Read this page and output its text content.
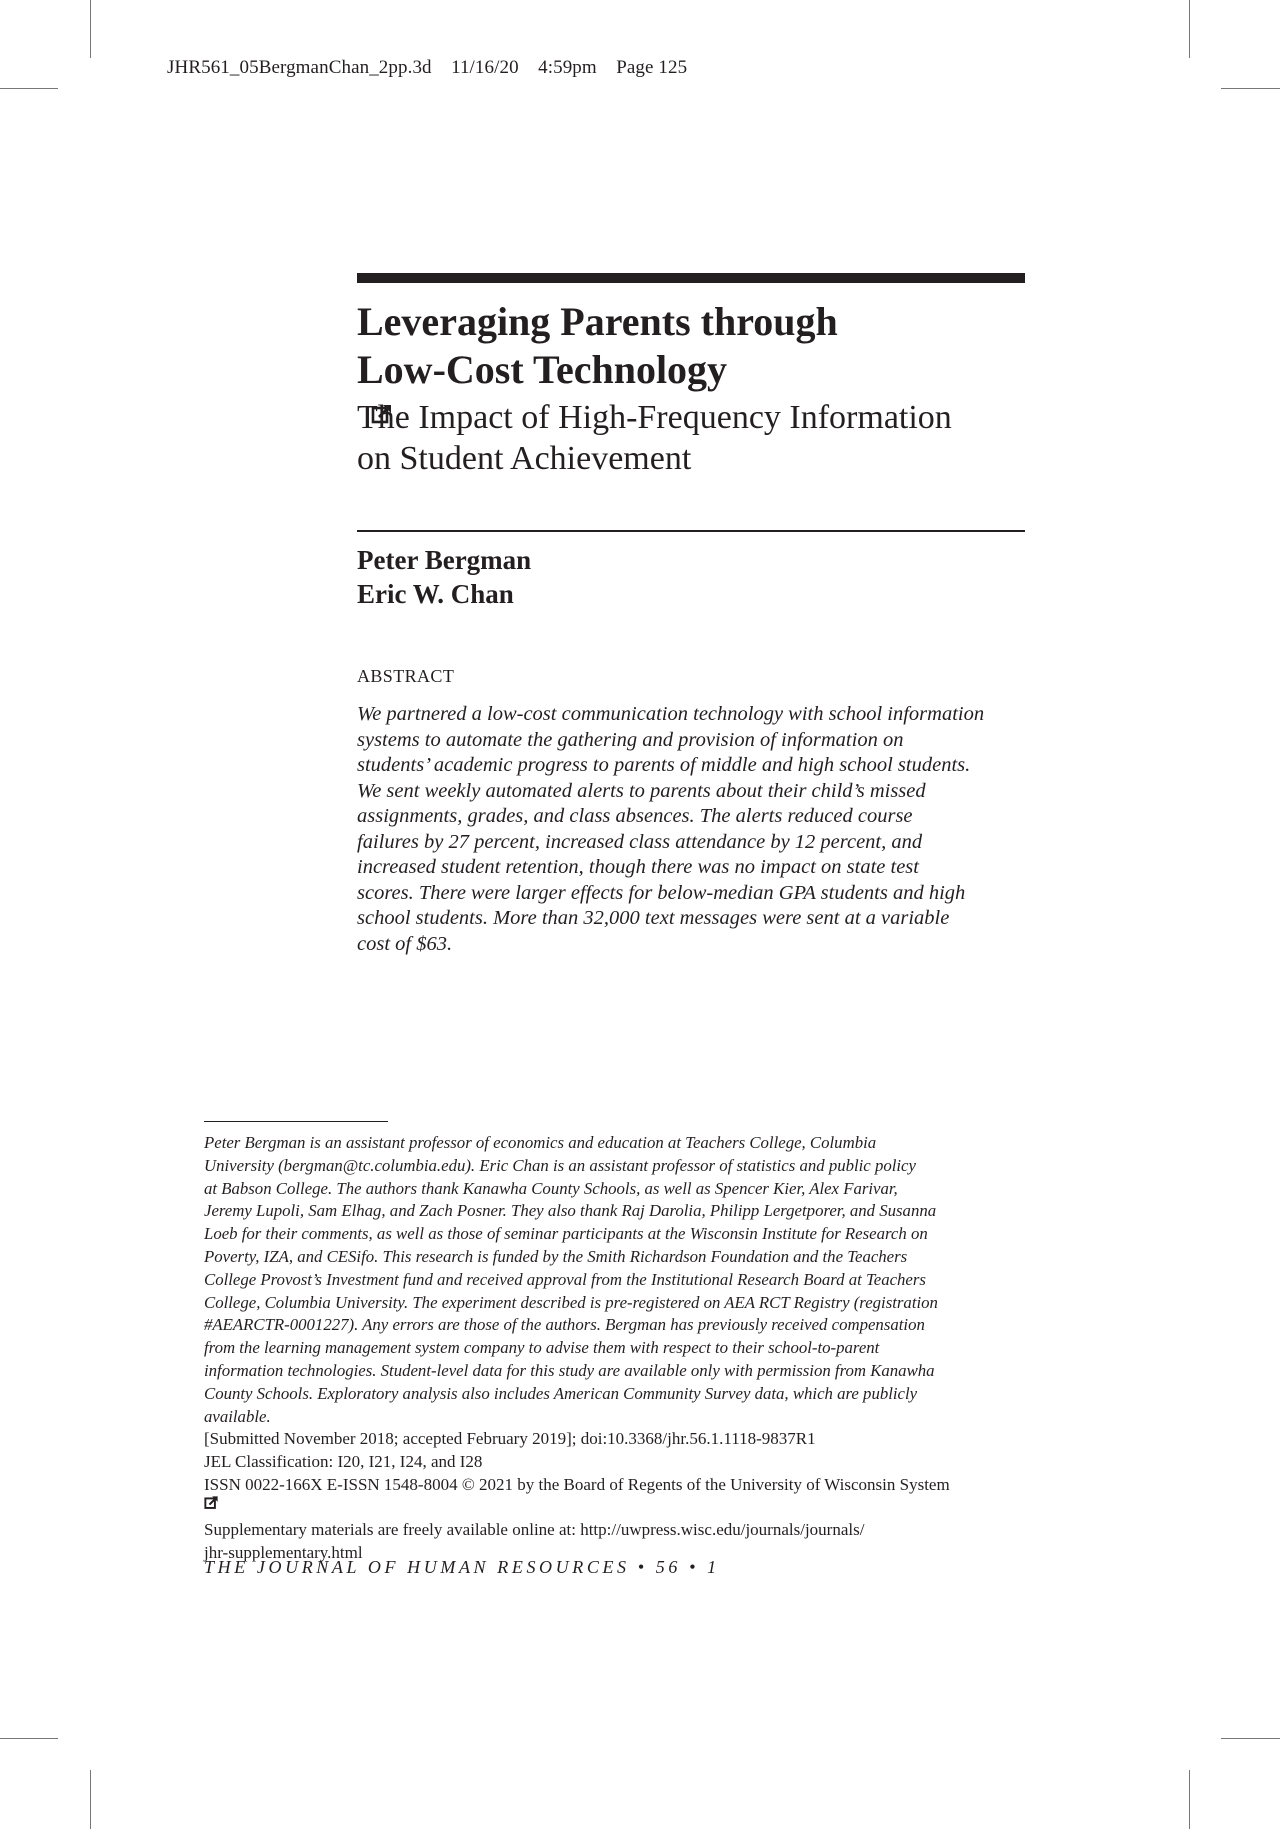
JHR561_05BergmanChan_2pp.3d 11/16/20 4:59pm Page 125
Leveraging Parents through
Low-Cost Technology
The Impact of High-Frequency Information
on Student Achievement
Peter Bergman
Eric W. Chan
ABSTRACT
We partnered a low-cost communication technology with school information
systems to automate the gathering and provision of information on
students’ academic progress to parents of middle and high school students.
We sent weekly automated alerts to parents about their child’s missed
assignments, grades, and class absences. The alerts reduced course
failures by 27 percent, increased class attendance by 12 percent, and
increased student retention, though there was no impact on state test
scores. There were larger effects for below-median GPA students and high
school students. More than 32,000 text messages were sent at a variable
cost of $63.
Peter Bergman is an assistant professor of economics and education at Teachers College, Columbia
University (bergman@tc.columbia.edu). Eric Chan is an assistant professor of statistics and public policy
at Babson College. The authors thank Kanawha County Schools, as well as Spencer Kier, Alex Farivar,
Jeremy Lupoli, Sam Elhag, and Zach Posner. They also thank Raj Darolia, Philipp Lergetporer, and Susanna
Loeb for their comments, as well as those of seminar participants at the Wisconsin Institute for Research on
Poverty, IZA, and CESifo. This research is funded by the Smith Richardson Foundation and the Teachers
College Provost’s Investment fund and received approval from the Institutional Research Board at Teachers
College, Columbia University. The experiment described is pre-registered on AEA RCT Registry (registration
#AEARCTR-0001227). Any errors are those of the authors. Bergman has previously received compensation
from the learning management system company to advise them with respect to their school-to-parent
information technologies. Student-level data for this study are available only with permission from Kanawha
County Schools. Exploratory analysis also includes American Community Survey data, which are publicly
available.
[Submitted November 2018; accepted February 2019]; doi:10.3368/jhr.56.1.1118-9837R1
JEL Classification: I20, I21, I24, and I28
ISSN 0022-166X E-ISSN 1548-8004 © 2021 by the Board of Regents of the University of Wisconsin System
Supplementary materials are freely available online at: http://uwpress.wisc.edu/journals/journals/
jhr-supplementary.html
THE JOURNAL OF HUMAN RESOURCES • 56 • 1
